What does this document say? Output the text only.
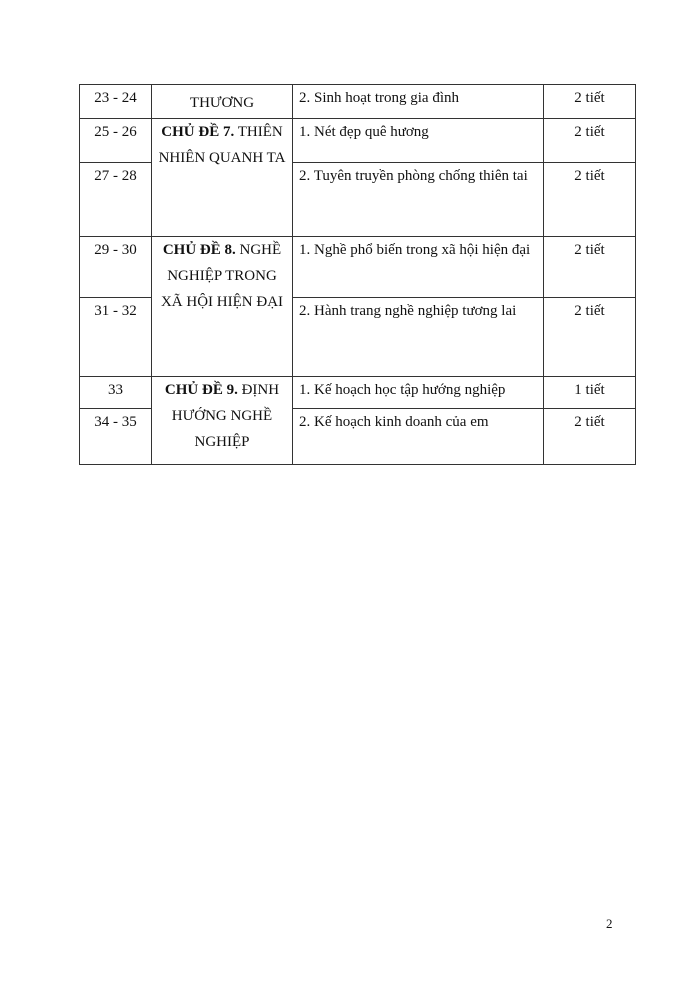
23 - 24	THƯƠNG	2. Sinh hoạt trong gia đình	2 tiết
25 - 26	CHỦ ĐỀ 7. THIÊN NHIÊN QUANH TA	1. Nét đẹp quê hương	2 tiết
27 - 28		2. Tuyên truyền phòng chống thiên tai	2 tiết
29 - 30	CHỦ ĐỀ 8. NGHỀ NGHIỆP TRONG XÃ HỘI HIỆN ĐẠI	1. Nghề phổ biến trong xã hội hiện đại	2 tiết
31 - 32		2. Hành trang nghề nghiệp tương lai	2 tiết
33	CHỦ ĐỀ 9. ĐỊNH HƯỚNG NGHỀ NGHIỆP	1. Kế hoạch học tập hướng nghiệp	1 tiết
34 - 35		2. Kế hoạch kinh doanh của em	2 tiết
2
